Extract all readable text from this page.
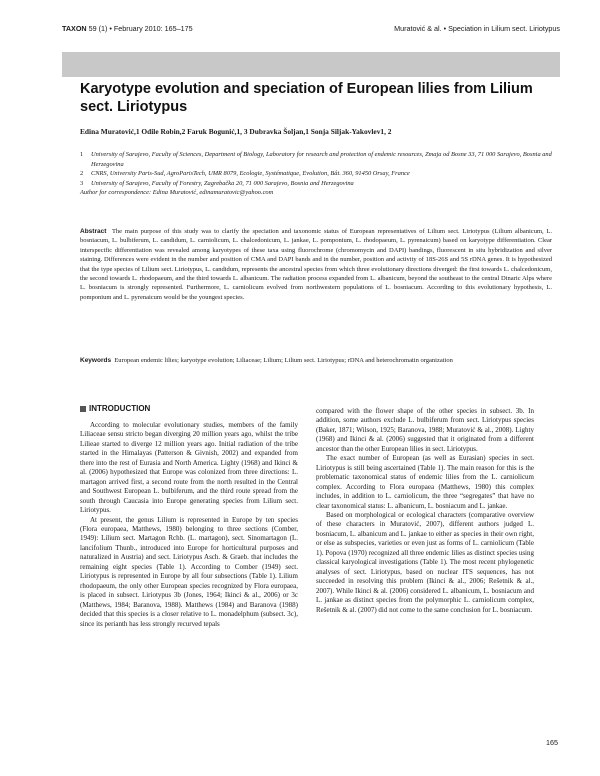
TAXON 59 (1) • February 2010: 165–175	Muratović & al. • Speciation in Lilium sect. Liriotypus
Karyotype evolution and speciation of European lilies from Lilium sect. Liriotypus
Edina Muratović,1 Odile Robin,2 Faruk Bogunić,1, 3 Dubravka Šoljan,1 Sonja Siljak-Yakovlev1, 2
1	University of Sarajevo, Faculty of Sciences, Department of Biology, Laboratory for research and protection of endemic resources, Zmaja od Bosne 33, 71 000 Sarajevo, Bosnia and Herzegovina
2	CNRS, University Paris-Sud, AgroParisTech, UMR 8079, Ecologie, Systématique, Evolution, Bât. 360, 91450 Orsay, France
3	University of Sarajevo, Faculty of Forestry, Zagrebačka 20, 71 000 Sarajevo, Bosnia and Herzegovina
Author for correspondence: Edina Muratović, edinamuratovic@yahoo.com
Abstract The main purpose of this study was to clarify the speciation and taxonomic status of European representatives of Lilium sect. Liriotypus (Lilium albanicum, L. bosniacum, L. bulbiferum, L. candidum, L. carniolicum, L. chalcedonicum, L. jankae, L. pomponium, L. rhodopaeum, L. pyrenaicum) based on karyotype differentiation. Clear interspecific differentiation was revealed among karyotypes of these taxa using fluorochrome (chromomycin and DAPI) bandings, fluorescent in situ hybridization and silver staining. Differences were evident in the number and position of CMA and DAPI bands and in the number, position and activity of 18S-26S and 5S rDNA genes. It is hypothesized that the type species of Lilium sect. Liriotypus, L. candidum, represents the ancestral species from which three evolutionary directions diverged: the first towards L. chalcedonicum, the second towards L. rhodopaeum, and the third towards L. albanicum. The radiation process expanded from L. albanicum, beyond the southeast to the central Dinaric Alps where L. bosniacum is strongly represented. Furthermore, L. carniolicum evolved from northwestern populations of L. bosniacum. According to this evolutionary hypothesis, L. pomponium and L. pyrenaicum would be the youngest species.
Keywords European endemic lilies; karyotype evolution; Liliaceae; Lilium; Lilium sect. Liriotypus; rDNA and heterochromatin organization
INTRODUCTION

According to molecular evolutionary studies, members of the family Liliaceae sensu stricto began diverging 20 million years ago, whilst the tribe Lilieae started to diverge 12 million years ago. Initial radiation of the tribe started in the Himalayas (Patterson & Givnish, 2002) and expanded from there into the rest of Eurasia and North America. Lighty (1968) and Ikinci & al. (2006) hypothesized that Europe was colonized from three directions: L. martagon arrived first, a second route from the north resulted in the Central and Southwest European L. bulbiferum, and the third route spread from the south through Caucasia into Europe generating species from Lilium sect. Liriotypus.

At present, the genus Lilium is represented in Europe by ten species (Flora europaea, Matthews, 1980) belonging to three sections (Comber, 1949): Lilium sect. Martagon Rchb. (L. martagon), sect. Sinomartagon (L. lancifolium Thunb., introduced into Europe for horticultural purposes and naturalized in Austria) and sect. Liriotypus Asch. & Graeb. that includes the remaining eight species (Table 1). According to Comber (1949) sect. Liriotypus is represented in Europe by all four subsections (Table 1). Lilium rhodopaeum, the only other European species recognized by Flora europaea, is placed in subsect. Liriotypus 3b (Jones, 1964; Ikinci & al., 2006) or 3c (Matthews, 1984; Baranova, 1988). Matthews (1984) and Baranova (1988) decided that this species is a closer relative to L. monadelphum (subsect. 3c), since its perianth has less strongly recurved tepals

compared with the flower shape of the other species in subsect. 3b. In addition, some authors exclude L. bulbiferum from sect. Liriotypus species (Baker, 1871; Wilson, 1925; Baranova, 1988; Muratović & al., 2008). Lighty (1968) and Ikinci & al. (2006) suggested that it originated from a different ancestor than the other European lilies in sect. Liriotypus.

The exact number of European (as well as Eurasian) species in sect. Liriotypus is still being ascertained (Table 1). The main reason for this is the problematic taxonomical status of endemic lilies from the L. carniolicum complex. According to Flora europaea (Matthews, 1980) this complex includes, in addition to L. carniolicum, the three “segregates” that have no clear taxonomical status: L. albanicum, L. bosniacum and L. jankae.

Based on morphological or ecological characters (comparative overview of these characters in Muratović, 2007), different authors judged L. bosniacum, L. albanicum and L. jankae to either as species in their own right, or else as subspecies, varieties or even just as forms of L. carniolicum (Table 1). Popova (1970) recognized all three endemic lilies as distinct species using classical karyological investigations (Table 1). The most recent phylogenetic analyses of sect. Liriotypus, based on nuclear ITS sequences, has not succeeded in resolving this problem (Ikinci & al., 2006; Rešetnik & al., 2007). While Ikinci & al. (2006) considered L. albanicum, L. bosniacum and L. jankae as distinct species from the polymorphic L. carniolicum complex, Rešetnik & al. (2007) did not come to the same conclusion for L. bosniacum.

165
